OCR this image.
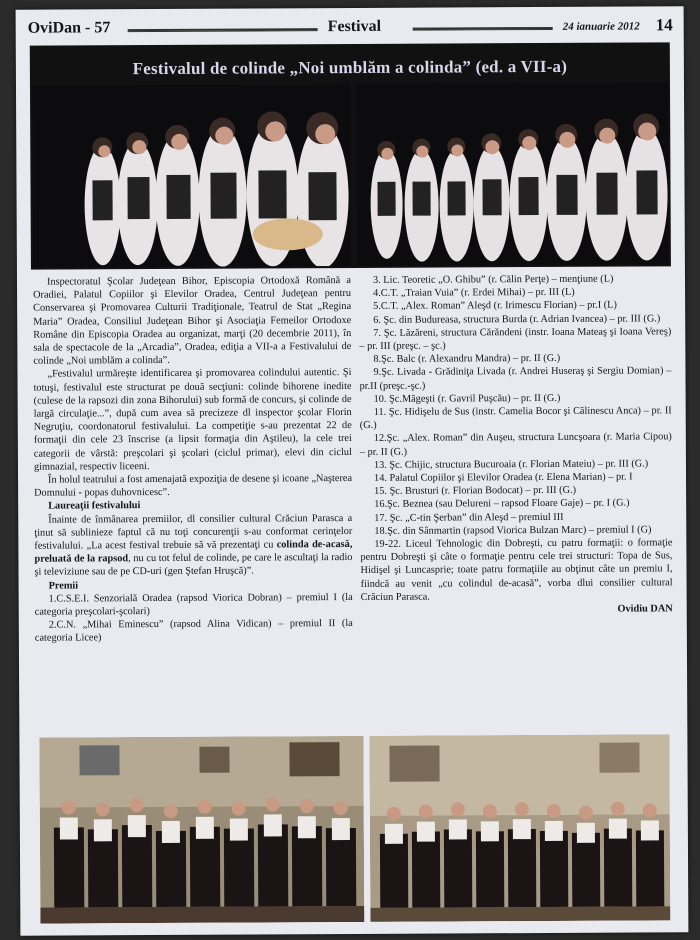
OviDan - 57	Festival	24 ianuarie 2012 14
Festivalul de colinde „Noi umblăm a colinda” (ed. a VII-a)

Inspectoratul Şcolar Judeţean Bihor, Episcopia Ortodoxă Română a Oradiei, Palatul Copiilor şi Elevilor Oradea, Centrul Judeţean pentru Conservarea şi Promovarea Culturii Tradiţionale, Teatrul de Stat „Regina Maria” Oradea, Consiliul Judeţean Bihor şi Asociaţia Femeilor Ortodoxe Române din Episcopia Oradea au organizat, marţi (20 decembrie 2011), în sala de spectacole de la „Arcadia”, Oradea, ediţia a VII-a a Festivalului de colinde „Noi umblăm a colinda”.

„Festivalul urmăreşte identificarea şi promovarea colindului autentic. Şi totuşi, festivalul este structurat pe două secţiuni: colinde bihorene inedite (culese de la rapsozi din zona Bihorului) sub formă de concurs, şi colinde de largă circulaţie...”, după cum avea să precizeze dl inspector şcolar Florin Negruţiu, coordonatorul festivalului. La competiţie s-au prezentat 22 de formaţii din cele 23 înscrise (a lipsit formaţia din Aştileu), la cele trei categorii de vârstă: preşcolari şi şcolari (ciclul primar), elevi din ciclul gimnazial, respectiv liceeni.

În holul teatrului a fost amenajată expoziţia de desene şi icoane „Naşterea Domnului - popas duhovnicesc”.

Laureaţii festivalului

Înainte de înmânarea premiilor, dl consilier cultural Crăciun Parasca a ţinut să sublinieze faptul că nu toţi concurenţii s-au conformat cerinţelor festivalului. „La acest festival trebuie să vă prezentaţi cu colinda de-acasă, preluată de la rapsod, nu cu tot felul de colinde, pe care le ascultaţi la radio şi televiziune sau de pe CD-uri (gen Ştefan Hruşcă)”.

Premii

1.C.S.E.I. Senzorială Oradea (rapsod Viorica Dobran) – premiul I (la categoria preşcolari-şcolari)

2.C.N. „Mihai Eminescu” (rapsod Alina Vidican) – premiul II (la categoria Licee)

3. Lic. Teoretic „O. Ghibu” (r. Călin Perţe) – menţiune (L)

4.C.T. „Traian Vuia” (r. Erdei Mihai) – pr. III (L)

5.C.T. „Alex. Roman” Aleşd (r. Irimescu Florian) – pr.I (L)

6. Şc. din Budureasa, structura Burda (r. Adrian Ivancea) – pr. III (G.)

7. Şc. Lăzăreni, structura Cărăndeni (instr. Ioana Mateaş şi Ioana Vereş) – pr. III (preşc. – şc.)

8.Şc. Balc (r. Alexandru Mandra) – pr. II (G.)

9.Şc. Livada - Grădiniţa Livada (r. Andrei Huseraş şi Sergiu Domian) – pr.II (preşc.-şc.)

10. Şc.Măgeşti (r. Gavril Puşcău) – pr. II (G.)

11. Şc. Hidişelu de Sus (instr. Camelia Bocor şi Călinescu Anca) – pr. II (G.)

12.Şc. „Alex. Roman” din Auşeu, structura Luncşoara (r. Maria Cipou) – pr. II (G.)

13. Şc. Chijic, structura Bucuroaia (r. Florian Mateiu) – pr. III (G.)

14. Palatul Copiilor şi Elevilor Oradea (r. Elena Marian) – pr. I

15. Şc. Brusturi (r. Florian Bodocat) – pr. III (G.)

16.Şc. Beznea (sau Delureni – rapsod Floare Gaje) – pr. I (G.)

17. Şc. „C-tin Şerban” din Aleşd – premiul III

18.Şc. din Sânmartin (rapsod Viorica Bulzan Marc) – premiul I (G)

19-22. Liceul Tehnologic din Dobreşti, cu patru formaţii: o formaţie pentru Dobreşti şi câte o formaţie pentru cele trei structuri: Topa de Sus, Hidişel şi Luncasprie; toate patru formaţiile au obţinut câte un premiu I, fiindcă au venit „cu colindul de-acasă”, vorba dlui consilier cultural Crăciun Parasca.

Ovidiu DAN
